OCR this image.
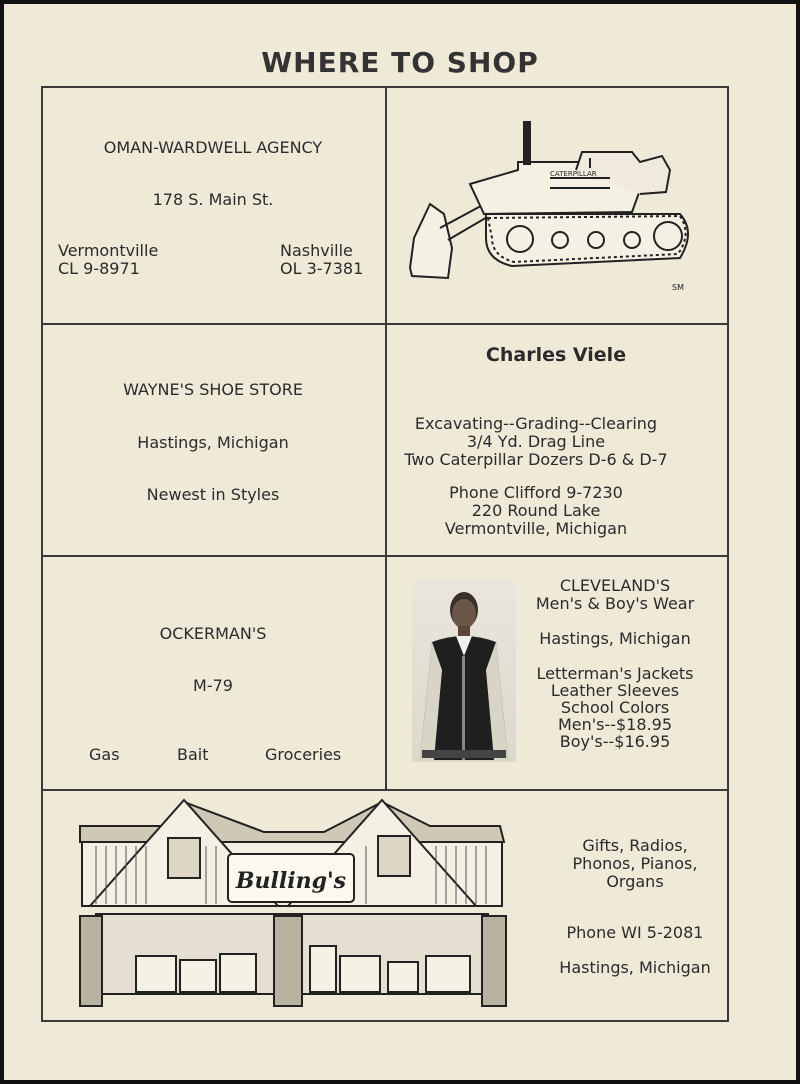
WHERE TO SHOP
OMAN-WARDWELL AGENCY
178 S. Main St.
Vermontville
CL 9-8971
Nashville
OL 3-7381
CATERPILLAR
SM
WAYNE'S SHOE STORE
Hastings, Michigan
Newest in Styles
Charles Viele
Excavating--Grading--Clearing
3/4 Yd. Drag Line
Two Caterpillar Dozers D-6 & D-7
Phone Clifford 9-7230
220 Round Lake
Vermontville, Michigan
OCKERMAN'S
M-79
Gas	Bait	Groceries
CLEVELAND'S
Men's & Boy's Wear
Hastings, Michigan
Letterman's Jackets
Leather Sleeves
School Colors
Men's--$18.95
Boy's--$16.95
Bulling's
Gifts, Radios,
Phonos, Pianos,
Organs
Phone WI 5-2081
Hastings, Michigan
